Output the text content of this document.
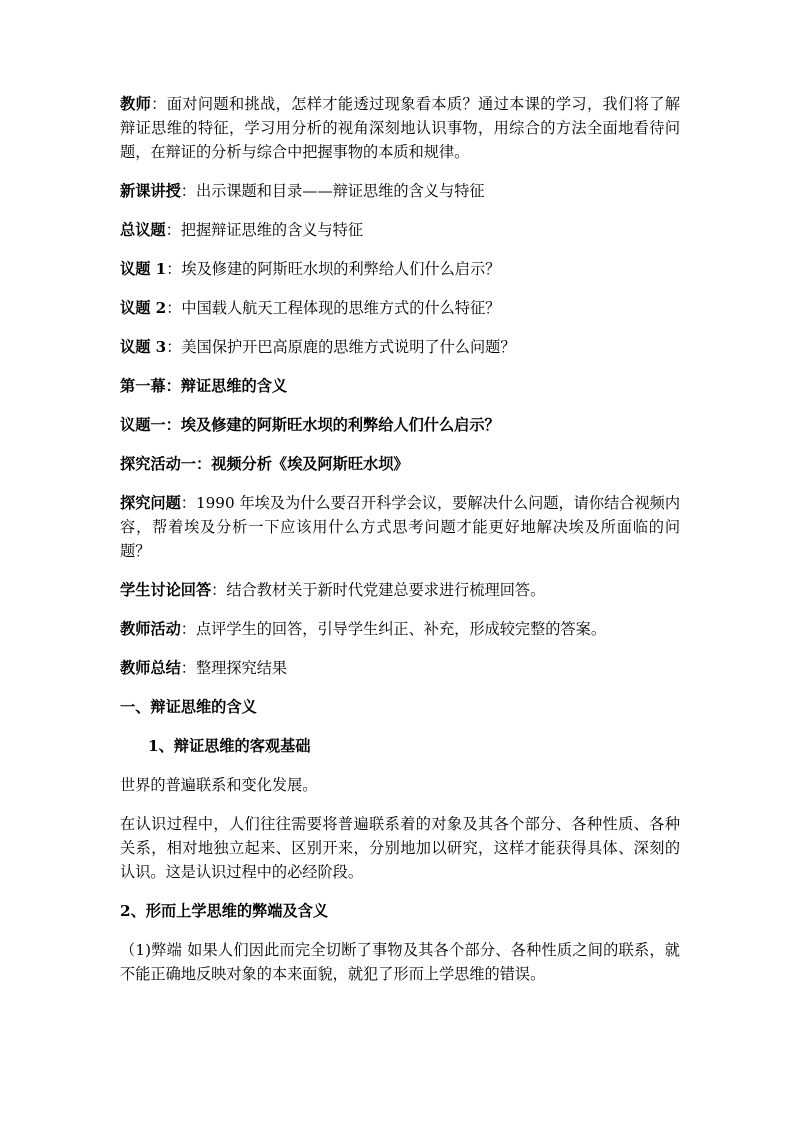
教师：面对问题和挑战，怎样才能透过现象看本质？通过本课的学习，我们将了解辩证思维的特征，学习用分析的视角深刻地认识事物，用综合的方法全面地看待问题，在辩证的分析与综合中把握事物的本质和规律。

新课讲授：出示课题和目录——辩证思维的含义与特征

总议题：把握辩证思维的含义与特征

议题 1：埃及修建的阿斯旺水坝的利弊给人们什么启示？

议题 2：中国载人航天工程体现的思维方式的什么特征？

议题 3：美国保护开巴高原鹿的思维方式说明了什么问题？

第一幕：辩证思维的含义

议题一：埃及修建的阿斯旺水坝的利弊给人们什么启示？

探究活动一：视频分析《埃及阿斯旺水坝》

探究问题：1990 年埃及为什么要召开科学会议，要解决什么问题，请你结合视频内容，帮着埃及分析一下应该用什么方式思考问题才能更好地解决埃及所面临的问题？

学生讨论回答：结合教材关于新时代党建总要求进行梳理回答。

教师活动：点评学生的回答，引导学生纠正、补充，形成较完整的答案。

教师总结：整理探究结果

一、辩证思维的含义

1、辩证思维的客观基础

世界的普遍联系和变化发展。

在认识过程中，人们往往需要将普遍联系着的对象及其各个部分、各种性质、各种关系，相对地独立起来、区别开来，分别地加以研究，这样才能获得具体、深刻的认识。这是认识过程中的必经阶段。

2、形而上学思维的弊端及含义

（1)弊端 如果人们因此而完全切断了事物及其各个部分、各种性质之间的联系，就不能正确地反映对象的本来面貌，就犯了形而上学思维的错误。
